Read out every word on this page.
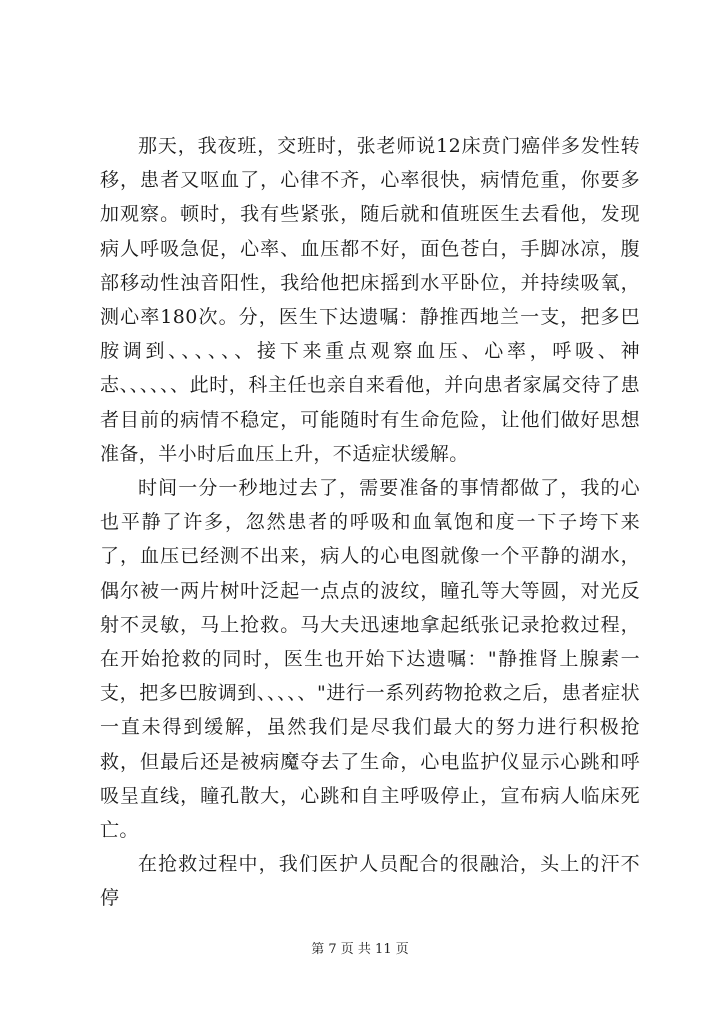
那天，我夜班，交班时，张老师说12床贲门癌伴多发性转移，患者又呕血了，心律不齐，心率很快，病情危重，你要多加观察。顿时，我有些紧张，随后就和值班医生去看他，发现病人呼吸急促，心率、血压都不好，面色苍白，手脚冰凉，腹部移动性浊音阳性，我给他把床摇到水平卧位，并持续吸氧，测心率180次。分，医生下达遗嘱：静推西地兰一支，把多巴胺调到、、、、、、接下来重点观察血压、心率，呼吸、神志、、、、、、此时，科主任也亲自来看他，并向患者家属交待了患者目前的病情不稳定，可能随时有生命危险，让他们做好思想准备，半小时后血压上升，不适症状缓解。

时间一分一秒地过去了，需要准备的事情都做了，我的心也平静了许多，忽然患者的呼吸和血氧饱和度一下子垮下来了，血压已经测不出来，病人的心电图就像一个平静的湖水，偶尔被一两片树叶泛起一点点的波纹，瞳孔等大等圆，对光反射不灵敏，马上抢救。马大夫迅速地拿起纸张记录抢救过程，在开始抢救的同时，医生也开始下达遗嘱："静推肾上腺素一支，把多巴胺调到、、、、、"进行一系列药物抢救之后，患者症状一直未得到缓解，虽然我们是尽我们最大的努力进行积极抢救，但最后还是被病魔夺去了生命，心电监护仪显示心跳和呼吸呈直线，瞳孔散大，心跳和自主呼吸停止，宣布病人临床死亡。

在抢救过程中，我们医护人员配合的很融洽，头上的汗不停

第 7 页 共 11 页
